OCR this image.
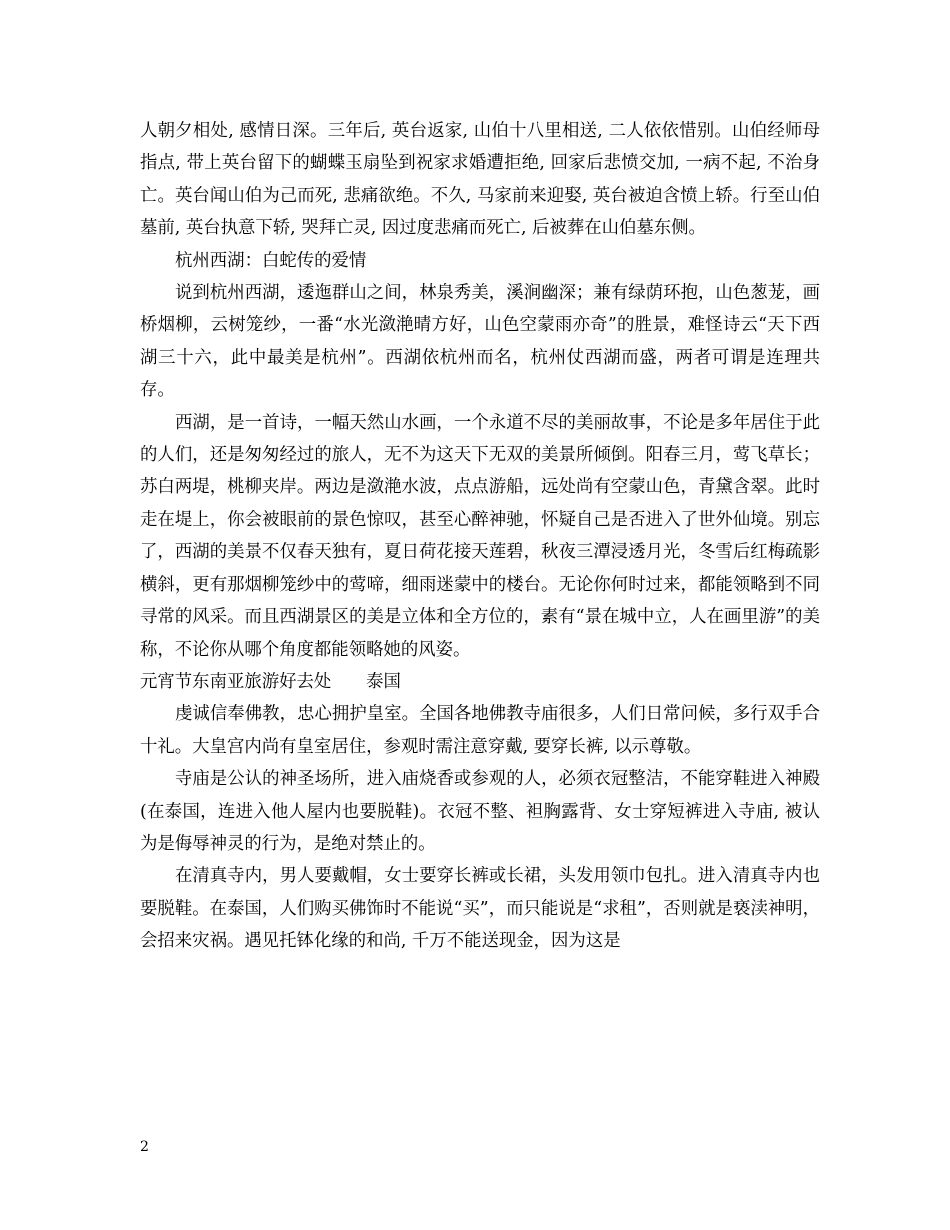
人朝夕相处, 感情日深。三年后, 英台返家, 山伯十八里相送, 二人依依惜别。山伯经师母指点, 带上英台留下的蝴蝶玉扇坠到祝家求婚遭拒绝, 回家后悲愤交加, 一病不起, 不治身亡。英台闻山伯为己而死, 悲痛欲绝。不久, 马家前来迎娶, 英台被迫含愤上轿。行至山伯墓前, 英台执意下轿, 哭拜亡灵, 因过度悲痛而死亡, 后被葬在山伯墓东侧。

杭州西湖：白蛇传的爱情

说到杭州西湖，逶迤群山之间，林泉秀美，溪涧幽深；兼有绿荫环抱，山色葱茏，画桥烟柳，云树笼纱，一番“水光潋滟晴方好，山色空蒙雨亦奇”的胜景，难怪诗云“天下西湖三十六，此中最美是杭州”。西湖依杭州而名，杭州仗西湖而盛，两者可谓是连理共存。

西湖，是一首诗，一幅天然山水画，一个永道不尽的美丽故事，不论是多年居住于此的人们，还是匆匆经过的旅人，无不为这天下无双的美景所倾倒。阳春三月，莺飞草长；苏白两堤，桃柳夹岸。两边是潋滟水波，点点游船，远处尚有空蒙山色，青黛含翠。此时走在堤上，你会被眼前的景色惊叹，甚至心醉神驰，怀疑自己是否进入了世外仙境。别忘了，西湖的美景不仅春天独有，夏日荷花接天莲碧，秋夜三潭浸透月光，冬雪后红梅疏影横斜，更有那烟柳笼纱中的莺啼，细雨迷蒙中的楼台。无论你何时过来，都能领略到不同寻常的风采。而且西湖景区的美是立体和全方位的，素有“景在城中立，人在画里游”的美称，不论你从哪个角度都能领略她的风姿。

元宵节东南亚旅游好去处　　泰国

虔诚信奉佛教，忠心拥护皇室。全国各地佛教寺庙很多，人们日常问候，多行双手合十礼。大皇宫内尚有皇室居住，参观时需注意穿戴, 要穿长裤, 以示尊敬。

寺庙是公认的神圣场所，进入庙烧香或参观的人，必须衣冠整洁，不能穿鞋进入神殿(在泰国，连进入他人屋内也要脱鞋)。衣冠不整、袒胸露背、女士穿短裤进入寺庙, 被认为是侮辱神灵的行为，是绝对禁止的。

在清真寺内，男人要戴帽，女士要穿长裤或长裙，头发用领巾包扎。进入清真寺内也要脱鞋。在泰国，人们购买佛饰时不能说“买”，而只能说是“求租”，否则就是亵渎神明，会招来灾祸。遇见托钵化缘的和尚, 千万不能送现金，因为这是

2
